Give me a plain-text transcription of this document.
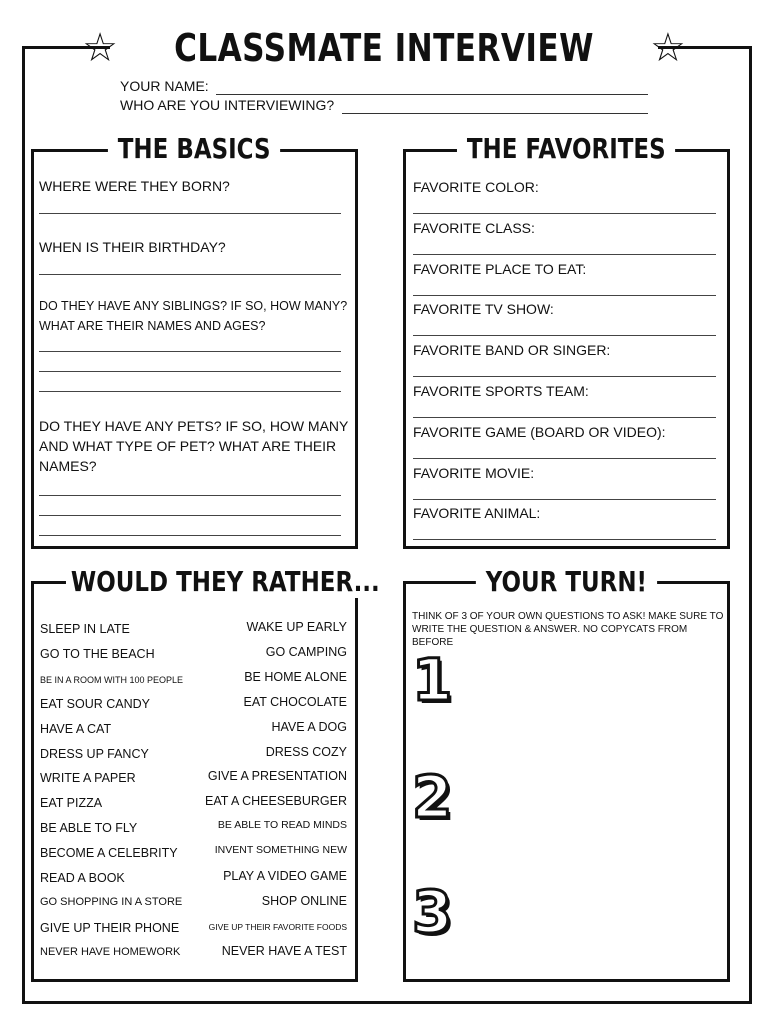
☆ CLASSMATE INTERVIEW ☆
YOUR NAME:
WHO ARE YOU INTERVIEWING?
THE BASICS
WHERE WERE THEY BORN?
WHEN IS THEIR BIRTHDAY?
DO THEY HAVE ANY SIBLINGS? IF SO, HOW MANY? WHAT ARE THEIR NAMES AND AGES?
DO THEY HAVE ANY PETS? IF SO, HOW MANY AND WHAT TYPE OF PET? WHAT ARE THEIR NAMES?
THE FAVORITES
FAVORITE COLOR:
FAVORITE CLASS:
FAVORITE PLACE TO EAT:
FAVORITE TV SHOW:
FAVORITE BAND OR SINGER:
FAVORITE SPORTS TEAM:
FAVORITE GAME (BOARD OR VIDEO):
FAVORITE MOVIE:
FAVORITE ANIMAL:
WOULD THEY RATHER...
SLEEP IN LATE	WAKE UP EARLY
GO TO THE BEACH	GO CAMPING
BE IN A ROOM WITH 100 PEOPLE	BE HOME ALONE
EAT SOUR CANDY	EAT CHOCOLATE
HAVE A CAT	HAVE A DOG
DRESS UP FANCY	DRESS COZY
WRITE A PAPER	GIVE A PRESENTATION
EAT PIZZA	EAT A CHEESEBURGER
BE ABLE TO FLY	BE ABLE TO READ MINDS
BECOME A CELEBRITY	INVENT SOMETHING NEW
READ A BOOK	PLAY A VIDEO GAME
GO SHOPPING IN A STORE	SHOP ONLINE
GIVE UP THEIR PHONE	GIVE UP THEIR FAVORITE FOODS
NEVER HAVE HOMEWORK	NEVER HAVE A TEST
YOUR TURN!
THINK OF 3 OF YOUR OWN QUESTIONS TO ASK! MAKE SURE TO WRITE THE QUESTION & ANSWER. NO COPYCATS FROM BEFORE
1
2
3
